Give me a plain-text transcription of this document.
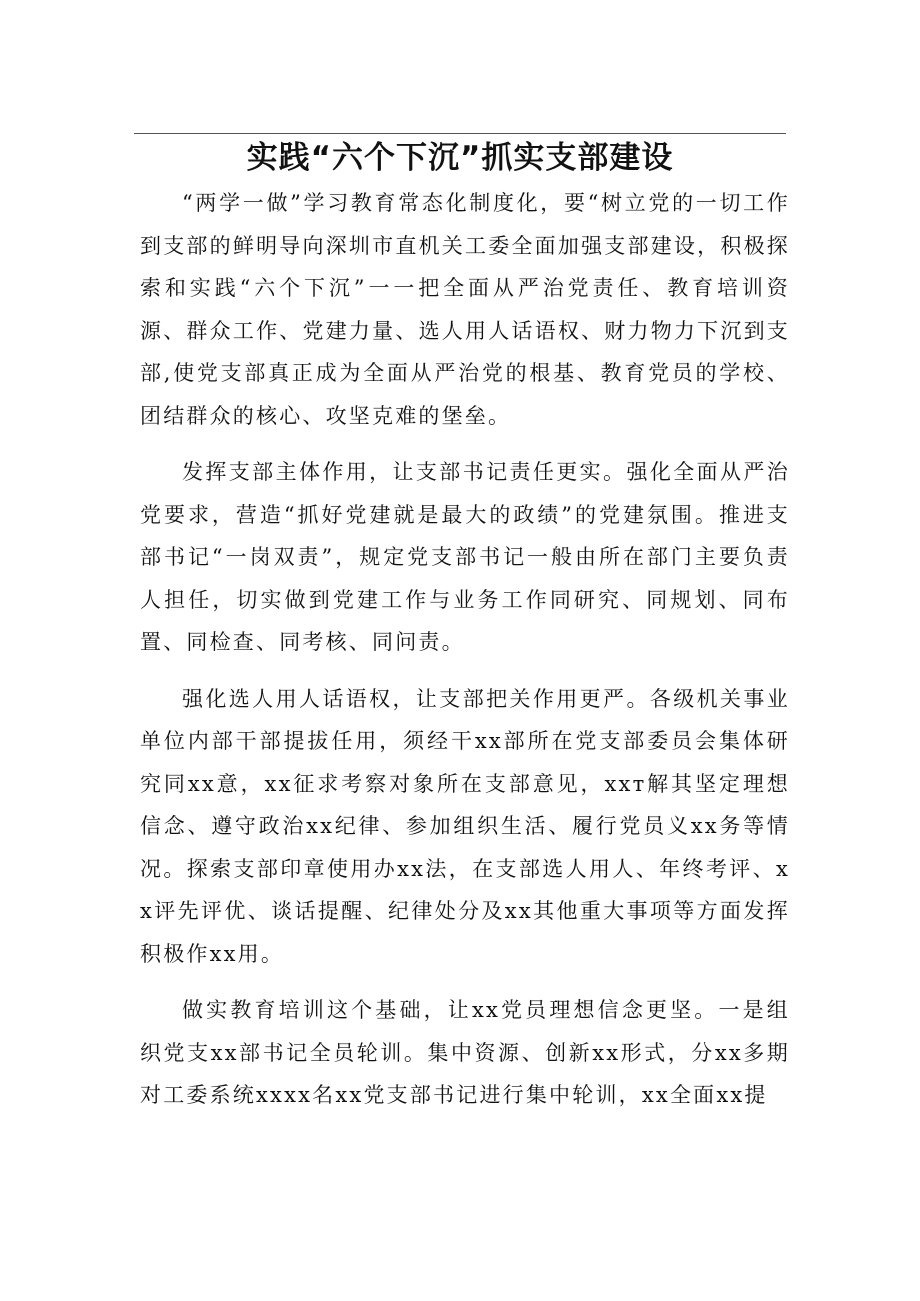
实践“六个下沉”抓实支部建设

“两学一做”学习教育常态化制度化，要“树立党的一切工作到支部的鲜明导向深圳市直机关工委全面加强支部建设，积极探索和实践“六个下沉”一一把全面从严治党责任、教育培训资源、群众工作、党建力量、选人用人话语权、财力物力下沉到支部,使党支部真正成为全面从严治党的根基、教育党员的学校、团结群众的核心、攻坚克难的堡垒。

发挥支部主体作用，让支部书记责任更实。强化全面从严治党要求，营造“抓好党建就是最大的政绩”的党建氛围。推进支部书记“一岗双责”，规定党支部书记一般由所在部门主要负责人担任，切实做到党建工作与业务工作同研究、同规划、同布置、同检查、同考核、同问责。

强化选人用人话语权，让支部把关作用更严。各级机关事业单位内部干部提拔任用，须经干xx部所在党支部委员会集体研究同xx意，xx征求考察对象所在支部意见，xxт解其坚定理想信念、遵守政治xx纪律、参加组织生活、履行党员义xx务等情况。探索支部印章使用办xx法，在支部选人用人、年终考评、xx评先评优、谈话提醒、纪律处分及xx其他重大事项等方面发挥积极作xx用。

做实教育培训这个基础，让xx党员理想信念更坚。一是组织党支xx部书记全员轮训。集中资源、创新xx形式，分xx多期对工委系统xxxx名xx党支部书记进行集中轮训，xx全面xx提
